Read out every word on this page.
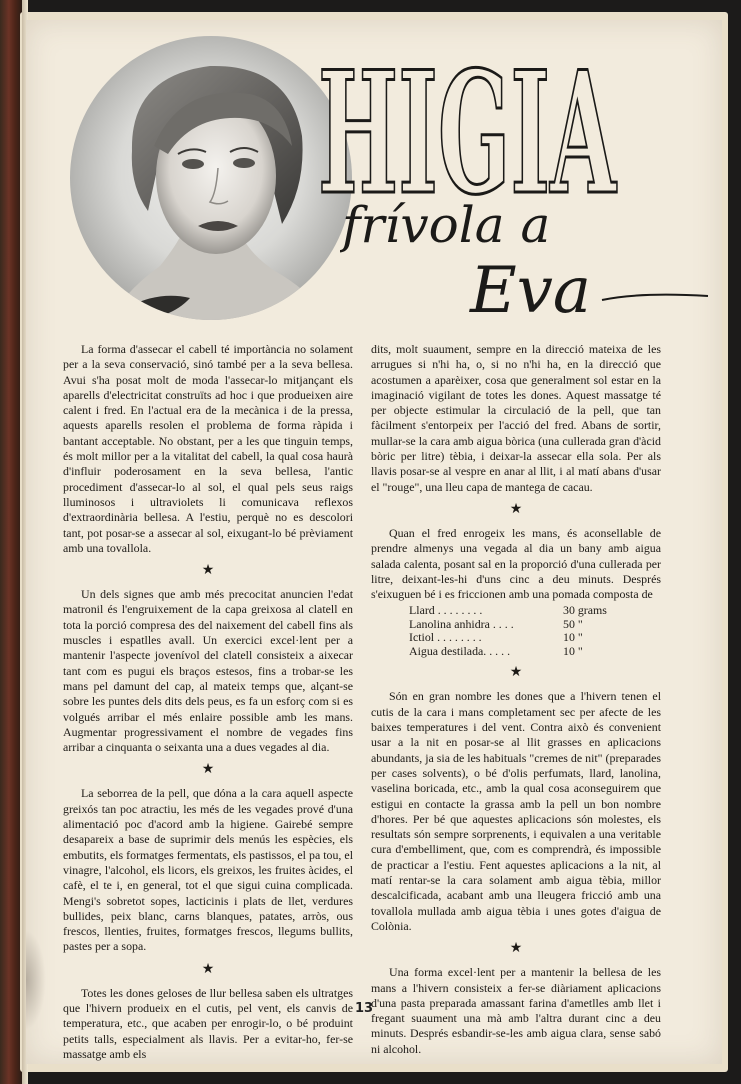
HIGIA
frívola a
Eva

La forma d'assecar el cabell té importància no solament per a la seva conservació, sinó també per a la seva bellesa. Avui s'ha posat molt de moda l'assecar-lo mitjançant els aparells d'electricitat construïts ad hoc i que produeixen aire calent i fred. En l'actual era de la mecànica i de la pressa, aquests aparells resolen el problema de forma ràpida i bantant acceptable. No obstant, per a les que tinguin temps, és molt millor per a la vitalitat del cabell, la qual cosa haurà d'influir poderosament en la seva bellesa, l'antic procediment d'assecar-lo al sol, el qual pels seus raigs lluminosos i ultraviolets li comunicava reflexos d'extraordinària bellesa. A l'estiu, perquè no es descolori tant, pot posar-se a assecar al sol, eixugant-lo bé prèviament amb una tovallola.

★

Un dels signes que amb més precocitat anuncien l'edat matronil és l'engruixement de la capa greixosa al clatell en tota la porció compresa des del naixement del cabell fins als muscles i espatlles avall. Un exercici excel·lent per a mantenir l'aspecte jovenívol del clatell consisteix a aixecar tant com es pugui els braços estesos, fins a trobar-se les mans pel damunt del cap, al mateix temps que, alçant-se sobre les puntes dels dits dels peus, es fa un esforç com si es volgués arribar el més enlaire possible amb les mans. Augmentar progressivament el nombre de vegades fins arribar a cinquanta o seixanta una a dues vegades al dia.

★

La seborrea de la pell, que dóna a la cara aquell aspecte greixós tan poc atractiu, les més de les vegades prové d'una alimentació poc d'acord amb la higiene. Gairebé sempre desapareix a base de suprimir dels menús les espècies, els embutits, els formatges fermentats, els pastissos, el pa tou, el vinagre, l'alcohol, els licors, els greixos, les fruites àcides, el cafè, el te i, en general, tot el que sigui cuina complicada. Mengi's sobretot sopes, lacticinis i plats de llet, verdures bullides, peix blanc, carns blanques, patates, arròs, ous frescos, llenties, fruites, formatges frescos, llegums bullits, pastes per a sopa.

★

Totes les dones geloses de llur bellesa saben els ultratges que l'hivern produeix en el cutis, pel vent, els canvis de temperatura, etc., que acaben per enrogir-lo, o bé produint petits talls, especialment als llavis. Per a evitar-ho, fer-se massatge amb els

dits, molt suaument, sempre en la direcció mateixa de les arrugues si n'hi ha, o, si no n'hi ha, en la direcció que acostumen a aparèixer, cosa que generalment sol estar en la imaginació vigilant de totes les dones. Aquest massatge té per objecte estimular la circulació de la pell, que tan fàcilment s'entorpeix per l'acció del fred. Abans de sortir, mullar-se la cara amb aigua bòrica (una cullerada gran d'àcid bòric per litre) tèbia, i deixar-la assecar ella sola. Per als llavis posar-se al vespre en anar al llit, i al matí abans d'usar el "rouge", una lleu capa de mantega de cacau.

★

Quan el fred enrogeix les mans, és aconsellable de prendre almenys una vegada al dia un bany amb aigua salada calenta, posant sal en la proporció d'una cullerada per litre, deixant-les-hi d'uns cinc a deu minuts. Després s'eixuguen bé i es friccionen amb una pomada composta de

Llard . . . . . . . .	30 grams
Lanolina anhidra . . . .	50 "
Ictiol . . . . . . . .	10 "
Aigua destilada. . . . .	10 "
★

Són en gran nombre les dones que a l'hivern tenen el cutis de la cara i mans completament sec per afecte de les baixes temperatures i del vent. Contra això és convenient usar a la nit en posar-se al llit grasses en aplicacions abundants, ja sia de les habituals "cremes de nit" (preparades per cases solvents), o bé d'olis perfumats, llard, lanolina, vaselina boricada, etc., amb la qual cosa aconseguirem que estigui en contacte la grassa amb la pell un bon nombre d'hores. Per bé que aquestes aplicacions són molestes, els resultats són sempre sorprenents, i equivalen a una veritable cura d'embelliment, que, com es comprendrà, és impossible de practicar a l'estiu. Fent aquestes aplicacions a la nit, al matí rentar-se la cara solament amb aigua tèbia, millor descalcificada, acabant amb una lleugera fricció amb una tovallola mullada amb aigua tèbia i unes gotes d'aigua de Colònia.

★

Una forma excel·lent per a mantenir la bellesa de les mans a l'hivern consisteix a fer-se diàriament aplicacions d'una pasta preparada amassant farina d'ametlles amb llet i fregant suaument una mà amb l'altra durant cinc a deu minuts. Després esbandir-se-les amb aigua clara, sense sabó ni alcohol.

13
